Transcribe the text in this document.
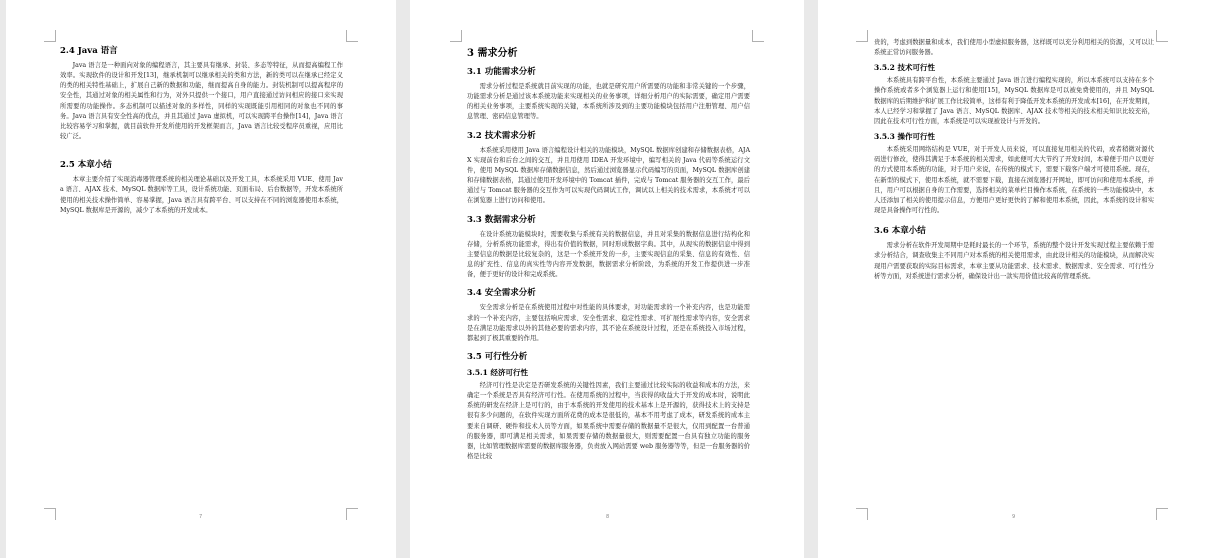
2.4 Java 语言

Java 语言是一种面向对象的编程语言，其主要具有继承、封装、多态等特征，从而提高编程工作效率。实现软件的设计和开发[13]，继承机制可以继承相关的类和方法，新的类可以在继承已经定义的类的相关特性基础上，扩展自己新的数据和功能，继而提高自身的能力。封装机制可以提高程序的安全性，其通过对象的相关属性和行为，对外只提供一个接口，用户直接通过访问相应的接口来实现所需要的功能操作。多态机制可以描述对象的多样性，同样的实现既能引用相同的对象也不同的事务。Java 语言具有安全性高的优点，并且其通过 Java 虚拟机，可以实现跨平台操作[14]，Java 语言比较容易学习和掌握，就目前软件开发所使用的开发框架而言，Java 语言比较受程序员重视，应用比较广泛。

2.5 本章小结

本章主要介绍了实现消毒器管理系统的相关理论基础以及开发工具，本系统采用 VUE、使用 Java 语言、AJAX 技术、MySQL 数据库等工具，设计系统功能、页面布局、后台数据等，开发本系统所使用的相关技术操作简单、容易掌握，Java 语言具有跨平台、可以支持在不同的浏览器使用本系统，MySQL 数据库是开源的，减少了本系统的开发成本。

7
3 需求分析
3.1 功能需求分析

需求分析过程是系统就目前实现的功能，也就是研究用户所需要的功能和非常关键的一个步骤，功能需求分析是通过该本系统功能来实现相关的业务事项，详细分析用户的实际需要，确定用户需要的相关业务事项，主要系统实现的关键，本系统所涉及到的主要功能模块包括用户注册管理、用户信息管理、密码信息管理等。

3.2 技术需求分析

本系统采用使用 Java 语言编程设计相关的功能模块，MySQL 数据库创建和存储数据表格，AJAX 实现前台和后台之间的交互，并且用使用 IDEA 开发环境中，编写相关的 Java 代码等系统运行文件，使用 MySQL 数据库存储数据信息，然后通过浏览器显示代码编写的页面，MySQL 数据库创建和存储数据表格，其通过使用开发环境中的 Tomcat 插件，完成与 Tomcat 服务器的交互工作，最后通过与 Tomcat 服务器的交互作为可以实现代码调试工作，调试以上相关的技术需求，本系统才可以在浏览器上进行访问和使用。

3.3 数据需求分析

在设计系统功能模块时，需要收集与系统有关的数据信息，并且对采集的数据信息进行结构化和存储，分析系统功能需求，得出有价值的数据，同时形成数据字典。其中，从现实的数据信息中得到主要信息的数据是比较复杂的，这是一个系统开发的一步，主要实现信息的采集、信息的有效性、信息的扩充性、信息的真实性等内容开发数据，数据需求分析阶段，为系统的开发工作提供进一步准备，便于更好的设计和完成系统。

3.4 安全需求分析

安全需求分析是在系统使用过程中对性能的具体要求，对功能需求的一个补充内容，也是功能需求的一个补充内容，主要包括响应需求、安全性需求、稳定性需求、可扩展性需求等内容，安全需求是在满足功能需求以外的其他必要的需求内容，其不论在系统设计过程，还是在系统投入市场过程，都起到了极其重要的作用。

3.5 可行性分析
3.5.1 经济可行性

经济可行性是决定是否研发系统的关键性因素，我们主要通过比较实际的收益和成本的方法，来确定一个系统是否具有经济可行性。在使用系统的过程中，当获得的收益大于开发的成本时，说明此系统的研发在经济上是可行的，由于本系统的开发使用的技术基本上是开源的，获得技术上的支持是很有多少问题的，在软件实现方面所花费的成本是很低的，基本不用考虑了成本，研发系统的成本主要来自调研、硬件和技术人员等方面，如果系统中需要存储的数据量不是很大，仅用到配置一台普通的服务器，即可满足相关需求，如果需要存储的数据量很大，则需要配置一台具有独立功能的服务器，比如管理数据库需要的数据库服务器，负责放入网站需要 web 服务器等等，但是一台服务器的价格是比较

8

贵的，考虑到数据量和成本，我们使用小型虚拟服务器，这样既可以充分利用相关的资源，又可以让系统正常访问服务器。

3.5.2 技术可行性

本系统具有跨平台性，本系统主要通过 Java 语言进行编程实现的，所以本系统可以支持在多个操作系统或者多个浏览器上运行和使用[15]，MySQL 数据库是可以被免费使用的，并且 MySQL 数据库的后期维护和扩展工作比较简单，这样有利于降低开发本系统的开发成本[16]，在开发期间，本人已经学习和掌握了 Java 语言、MySQL 数据库、AJAX 技术等相关的技术相关知识比较充裕，因此在技术可行性方面，本系统是可以实现被设计与开发的。

3.5.3 操作可行性

本系统采用网络结构是 VUE，对于开发人员来说，可以直接复用相关的代码，或者稍微对源代码进行修改，使得其满足于本系统的相关需求，如此便可大大节约了开发时间，本着便于用户以更好的方式使用本系统的功能，对于用户来说，在传统的模式下，需要下载客户端才可使用系统。现在，在新型的模式下，使用本系统，就不需要下载，直接在浏览器打开网址，即可访问和使用本系统，并且，用户可以根据自身的工作需要，选择相关的菜单栏目操作本系统，在系统的一些功能模块中，本人还添加了相关的使用提示信息，方便用户更好更快的了解和使用本系统，因此，本系统的设计和实现是具备操作可行性的。

3.6 本章小结

需求分析在软件开发周期中是耗时最长的一个环节，系统的整个设计开发实现过程主要依赖于需求分析结合，调查收集主不同用户对本系统的相关使用需求，由此设计相关的功能模块，从而解决实现用户需要获取的实际目标需求，本章主要从功能需求、技术需求、数据需求、安全需求、可行性分析等方面，对系统进行需求分析，确保设计出一款实用价值比较高的管理系统。

9
